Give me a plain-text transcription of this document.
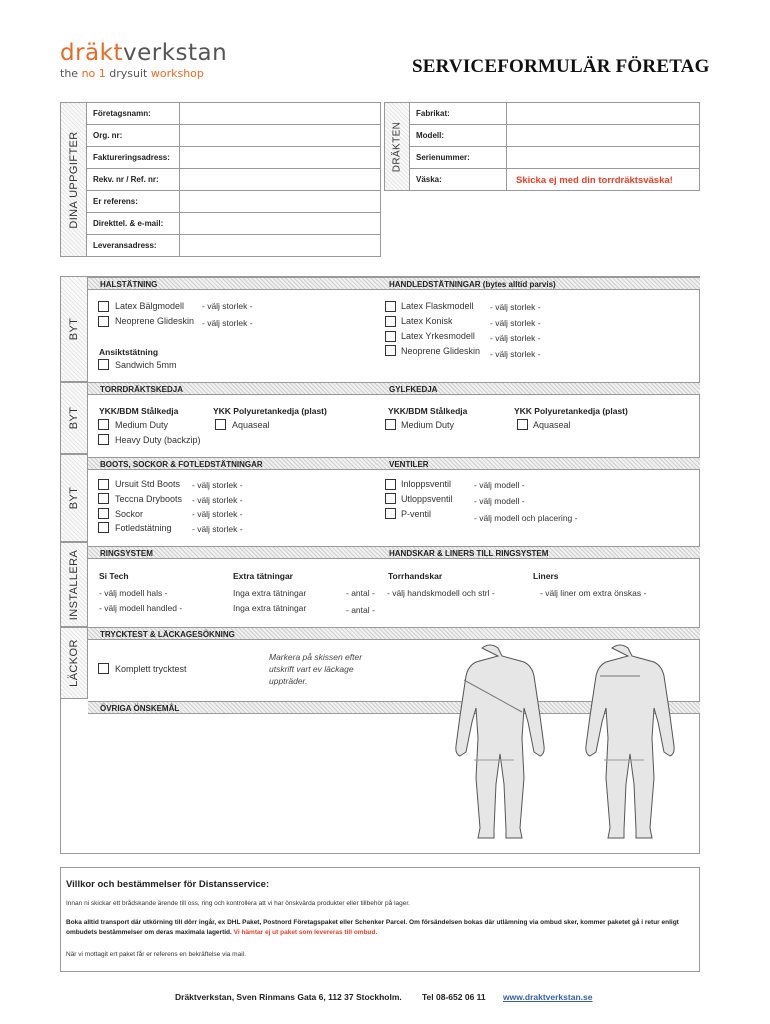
dräktverkstan
the no 1 drysuit workshop	SERVICEFORMULÄR FÖRETAG
DINA UPPGIFTER
Företagsnamn:
Org. nr:
Faktureringsadress:
Rekv. nr / Ref. nr:
Er referens:
Direkttel. & e-mail:
Leveransadress:
DRÄKTEN
Fabrikat:
Modell:
Serienummer:
Väska:	Skicka ej med din torrdräktsväska!
BYT
HALSTÄTNING	HANDLEDSTÄTNINGAR (bytes alltid parvis)
Latex Bälgmodell - välj storlek -
Neoprene Glideskin - välj storlek -
Ansiktstätning
Sandwich 5mm
Latex Flaskmodell - välj storlek -
Latex Konisk	- välj storlek -
Latex Yrkesmodell - välj storlek -
Neoprene Glideskin - välj storlek -
BYT
TORRDRÄKTSKEDJA	GYLFKEDJA
YKK/BDM Stålkedja	YKK Polyuretankedja (plast)
Medium Duty	Aquaseal
Heavy Duty (backzip)
YKK/BDM Stålkedja	YKK Polyuretankedja (plast)
Medium Duty	Aquaseal
BYT
BOOTS, SOCKOR & FOTLEDSTÄTNINGAR	VENTILER
Ursuit Std Boots - välj storlek -
Teccna Dryboots - välj storlek -
Sockor	- välj storlek -
Fotledstätning - välj storlek -
Inloppsventil	- välj modell -
Utloppsventil	- välj modell -
P-ventil	- välj modell och placering -
INSTALLERA	RINGSYSTEM	HANDSKAR & LINERS TILL RINGSYSTEM
Si Tech	Extra tätningar
- välj modell hals -	Inga extra tätningar	- antal -
- välj modell handled -	Inga extra tätningar	- antal -
Torrhandskar	Liners
- välj handskmodell och strl -	- välj liner om extra önskas -
LÄCKOR
TRYCKTEST & LÄCKAGESÖKNING
Komplett trycktest
Markera på skissen efter utskrift vart ev läckage uppträder.
ÖVRIGA ÖNSKEMÅL
Villkor och bestämmelser för Distansservice:
Innan ni skickar ett brådskande ärende till oss, ring och kontrollera att vi har önskvärda produkter eller tillbehör på lager.
Boka alltid transport där utkörning till dörr ingår, ex DHL Paket, Postnord Företagspaket eller Schenker Parcel. Om försändelsen bokas där utlämning via ombud sker, kommer paketet gå i retur enligt ombudets bestämmelser om deras maximala lagertid. Vi hämtar ej ut paket som levereras till ombud.
När vi mottagit ert paket får er referens en bekräftelse via mail.
Dräktverkstan, Sven Rinmans Gata 6, 112 37 Stockholm. Tel 08-652 06 11 www.draktverkstan.se
